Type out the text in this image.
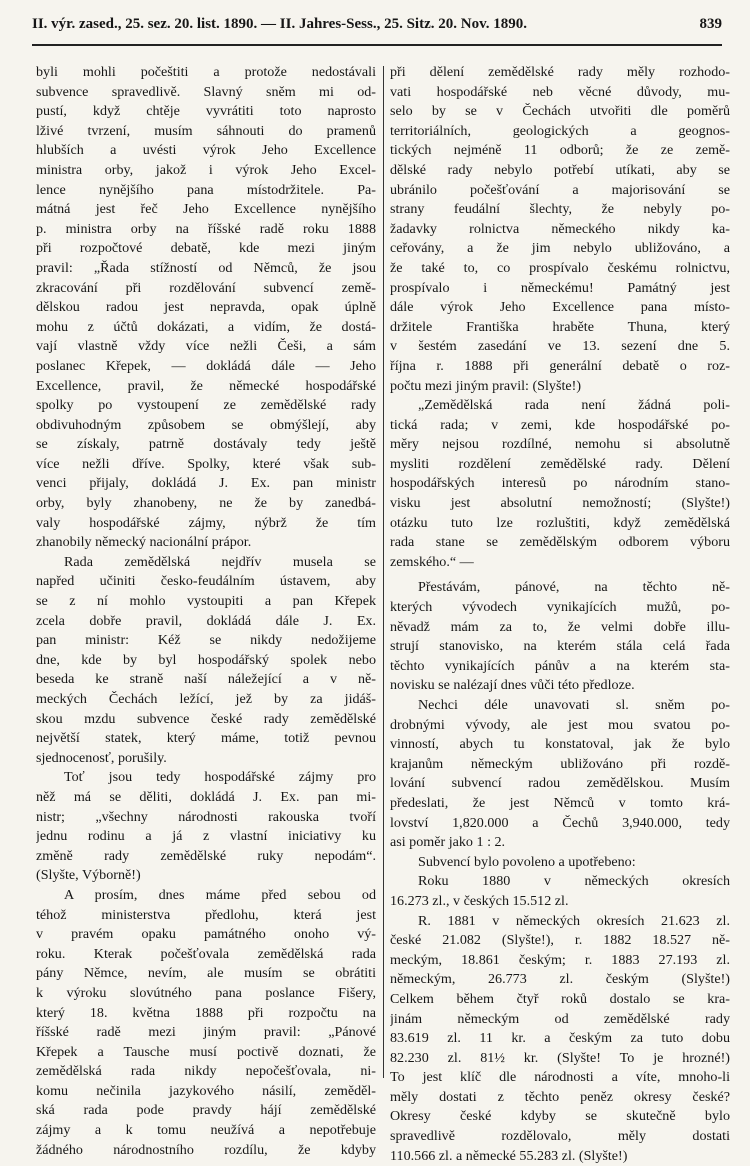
II. výr. zased., 25. sez. 20. list. 1890. — II. Jahres-Sess., 25. Sitz. 20. Nov. 1890.	839
byli mohli počeštiti a protože nedostávali
subvence spravedlivě. Slavný sněm mi od-
pustí, když chtěje vyvrátiti toto naprosto
lživé tvrzení, musím sáhnouti do pramenů
hlubších a uvésti výrok Jeho Excellence
ministra orby, jakož i výrok Jeho Excel-
lence nynějšího pana místodržitele. Pa-
mátná jest řeč Jeho Excellence nynějšího
p. ministra orby na říšské radě roku 1888
při rozpočtové debatě, kde mezi jiným
pravil: „Řada stížností od Němců, že jsou
zkracování při rozdělování subvencí země-
dělskou radou jest nepravda, opak úplně
mohu z účtů dokázati, a vidím, že dostá-
vají vlastně vždy více nežli Češi, a sám
poslanec Křepek, — dokládá dále — Jeho
Excellence, pravil, že německé hospodářské
spolky po vystoupení ze zemědělské rady
obdivuhodným způsobem se obmýšlejí, aby
se získaly, patrně dostávaly tedy ještě
více nežli dříve. Spolky, které však sub-
venci přijaly, dokládá J. Ex. pan ministr
orby, byly zhanobeny, ne že by zanedbá-
valy hospodářské zájmy, nýbrž že tím
zhanobily německý nacionální prápor.
Rada zemědělská nejdřív musela se
napřed učiniti česko-feudálním ústavem, aby
se z ní mohlo vystoupiti a pan Křepek
zcela dobře pravil, dokládá dále J. Ex.
pan ministr: Kéž se nikdy nedožijeme
dne, kde by byl hospodářský spolek nebo
beseda ke straně naší náležející a v ně-
meckých Čechách ležící, jež by za jidáš-
skou mzdu subvence české rady zemědělské
největší statek, který máme, totiž pevnou
sjednocenosť, porušily.
Toť jsou tedy hospodářské zájmy pro
něž má se děliti, dokládá J. Ex. pan mi-
nistr; „všechny národnosti rakouska tvoří
jednu rodinu a já z vlastní iniciativy ku
změně rady zemědělské ruky nepodám“.
(Slyšte, Výborně!)
A prosím, dnes máme před sebou od
téhož ministerstva předlohu, která jest
v pravém opaku památného onoho vý-
roku. Kterak počešťovala zemědělská rada
pány Němce, nevím, ale musím se obrátiti
k výroku slovútného pana poslance Fišery,
který 18. května 1888 při rozpočtu na
říšské radě mezi jiným pravil: „Pánové
Křepek a Tausche musí poctivě doznati, že
zemědělská rada nikdy nepočešťovala, ni-
komu nečinila jazykového násilí, zeměděl-
ská rada pode pravdy hájí zemědělské
zájmy a k tomu neužívá a nepotřebuje
žádného národnostního rozdílu, že kdyby
při dělení zemědělské rady měly rozhodo-
vati hospodářské neb věcné důvody, mu-
selo by se v Čechách utvořiti dle poměrů
territoriálních, geologických a geognos-
tických nejméně 11 odborů; že ze země-
dělské rady nebylo potřebí utíkati, aby se
ubránilo počešťování a majorisování se
strany feudální šlechty, že nebyly po-
žadavky rolnictva německého nikdy ka-
ceřovány, a že jim nebylo ubližováno, a
že také to, co prospívalo českému rolnictvu,
prospívalo i německému! Památný jest
dále výrok Jeho Excellence pana místo-
držitele Františka hraběte Thuna, který
v šestém zasedání ve 13. sezení dne 5.
října r. 1888 při generální debatě o roz-
počtu mezi jiným pravil: (Slyšte!)
„Zemědělská rada není žádná poli-
tická rada; v zemi, kde hospodářské po-
měry nejsou rozdílné, nemohu si absolutně
mysliti rozdělení zemědělské rady. Dělení
hospodářských interesů po národním stano-
visku jest absolutní nemožností; (Slyšte!)
otázku tuto lze rozluštiti, když zemědělská
rada stane se zemědělským odborem výboru
zemského.“ —
Přestávám, pánové, na těchto ně-
kterých vývodech vynikajících mužů, po-
něvadž mám za to, že velmi dobře illu-
strují stanovisko, na kterém stála celá řada
těchto vynikajících pánův a na kterém sta-
novisku se nalézají dnes vůči této předloze.
Nechci déle unavovati sl. sněm po-
drobnými vývody, ale jest mou svatou po-
vinností, abych tu konstatoval, jak že bylo
krajanům německým ubližováno při rozdě-
lování subvencí radou zemědělskou. Musím
předeslati, že jest Němců v tomto krá-
lovství 1,820.000 a Čechů 3,940.000, tedy
asi poměr jako 1 : 2.
Subvencí bylo povoleno a upotřebeno:
Roku 1880 v německých okresích
16.273 zl., v českých 15.512 zl.
R. 1881 v německých okresích 21.623 zl.
české 21.082 (Slyšte!), r. 1882 18.527 ně-
meckým, 18.861 českým; r. 1883 27.193 zl.
německým, 26.773 zl. českým (Slyšte!)
Celkem během čtyř roků dostalo se kra-
jinám německým od zemědělské rady
83.619 zl. 11 kr. a českým za tuto dobu
82.230 zl. 81½ kr. (Slyšte! To je hrozné!)
To jest klíč dle národnosti a víte, mnoho-li
měly dostati z těchto peněz okresy české?
Okresy české kdyby se skutečně bylo
spravedlivě rozdělovalo, měly dostati
110.566 zl. a německé 55.283 zl. (Slyšte!)
